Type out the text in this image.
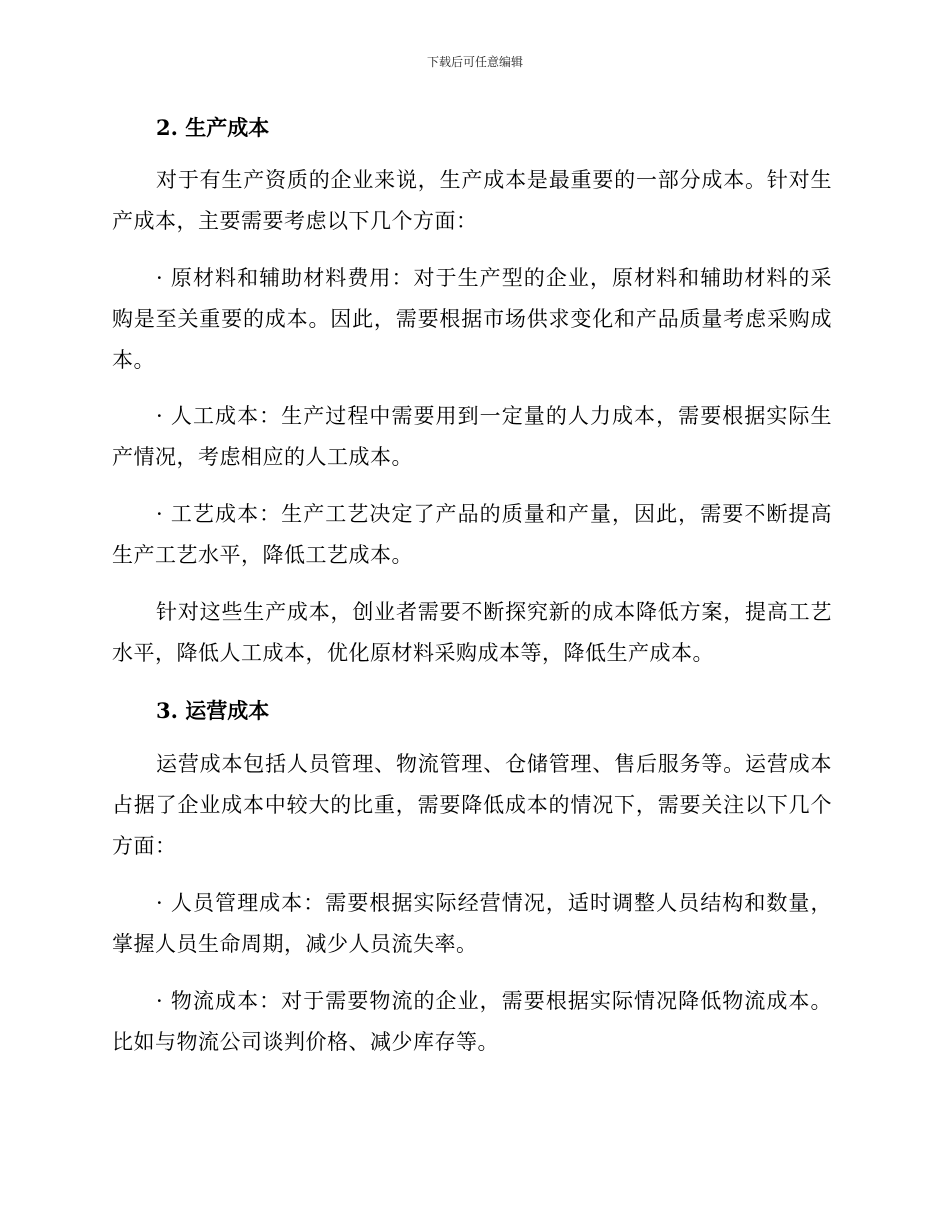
下载后可任意编辑
2. 生产成本

对于有生产资质的企业来说，生产成本是最重要的一部分成本。针对生产成本，主要需要考虑以下几个方面：

· 原材料和辅助材料费用：对于生产型的企业，原材料和辅助材料的采购是至关重要的成本。因此，需要根据市场供求变化和产品质量考虑采购成本。

· 人工成本：生产过程中需要用到一定量的人力成本，需要根据实际生产情况，考虑相应的人工成本。

· 工艺成本：生产工艺决定了产品的质量和产量，因此，需要不断提高生产工艺水平，降低工艺成本。

针对这些生产成本，创业者需要不断探究新的成本降低方案，提高工艺水平，降低人工成本，优化原材料采购成本等，降低生产成本。

3. 运营成本

运营成本包括人员管理、物流管理、仓储管理、售后服务等。运营成本占据了企业成本中较大的比重，需要降低成本的情况下，需要关注以下几个方面：

· 人员管理成本：需要根据实际经营情况，适时调整人员结构和数量，掌握人员生命周期，减少人员流失率。

· 物流成本：对于需要物流的企业，需要根据实际情况降低物流成本。比如与物流公司谈判价格、减少库存等。
